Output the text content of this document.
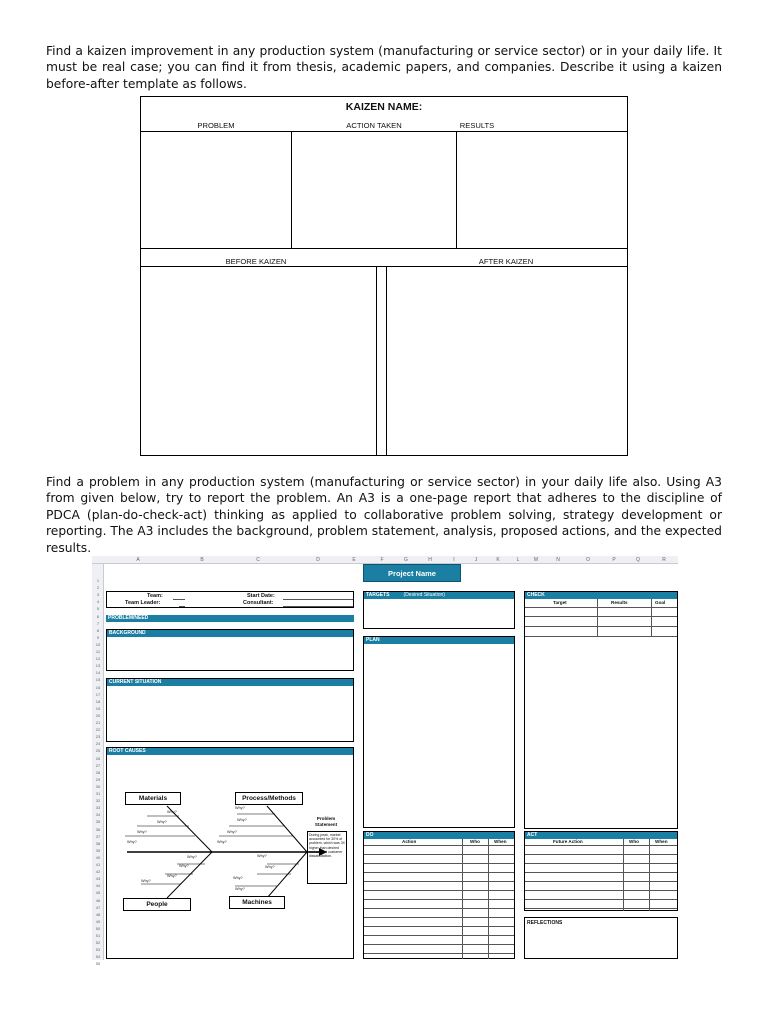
Find a kaizen improvement in any production system (manufacturing or service sector) or in your daily life. It must be real case; you can find it from thesis, academic papers, and companies. Describe it using a kaizen before-after template as follows.
KAIZEN NAME:
PROBLEM	ACTION TAKEN	RESULTS
BEFORE KAIZEN	AFTER KAIZEN
Find a problem in any production system (manufacturing or service sector) in your daily life also. Using A3 from given below, try to report the problem. An A3 is a one-page report that adheres to the discipline of PDCA (plan-do-check-act) thinking as applied to collaborative problem solving, strategy development or reporting. The A3 includes the background, problem statement, analysis, proposed actions, and the expected results.
A	B	C	D	E	F	G	H	I	J	K	L	M	N	O	P	Q	R
1
2
3
4
5
6
7
8
9
10
11
12
13
14
15
16
17
18
19
20
21
22
23
24
25
26
27
28
29
30
31
32
33
34
35
36
37
38
39
40
41
42
43
44
45
46
47
48
49
50
51
52
53
54
55
Project Name
Team:
Team Leader:
Start Date:
Consultant:
PROBLEM/NEED
BACKGROUND
CURRENT SITUATION
ROOT CAUSES
Materials	Process/Methods
People	Machines
Problem Statement
During peak, market accounted for 30% of problem, which was 3X higher than desired and caused customer dissatisfaction.
Why?
Why?
Why?
Why?
Why?
Why?
Why?
Why?
Why?
Why?
Why?
Why?
Why?
Why?
Why?
Why?
TARGETS	(Desired Situation)
PLAN
CHECK
Target	Results	Goal
DO
Action	Who	When
ACT
Future Action	Who	When
REFLECTIONS
